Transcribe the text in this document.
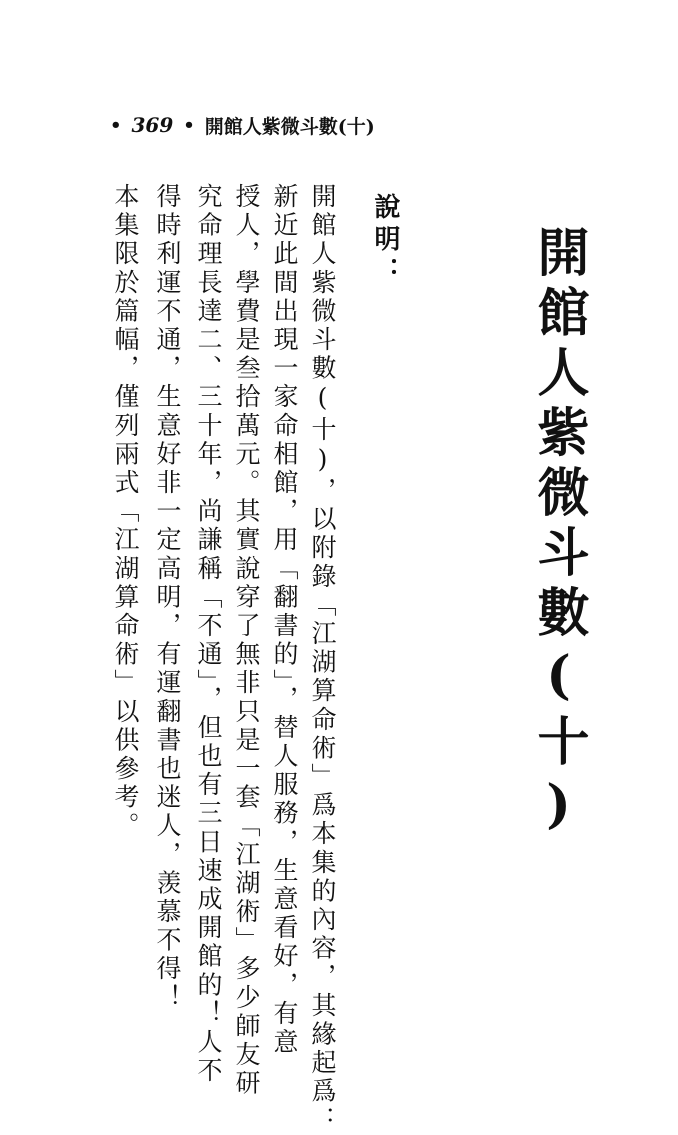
• 369 • 開館人紫微斗數(十)
開館人紫微斗數(十)
說明：
開館人紫微斗數(十)，以附錄「江湖算命術」爲本集的內容，其緣起爲：
新近此間出現一家命相館，用「翻書的」，替人服務，生意看好，有意
授人，學費是叁拾萬元。其實說穿了無非只是一套「江湖術」多少師友研
究命理長達二、三十年，尚謙稱「不通」，但也有三日速成開館的！人不
得時利運不通，生意好非一定高明，有運翻書也迷人，羡慕不得！
本集限於篇幅，僅列兩式「江湖算命術」以供參考。
